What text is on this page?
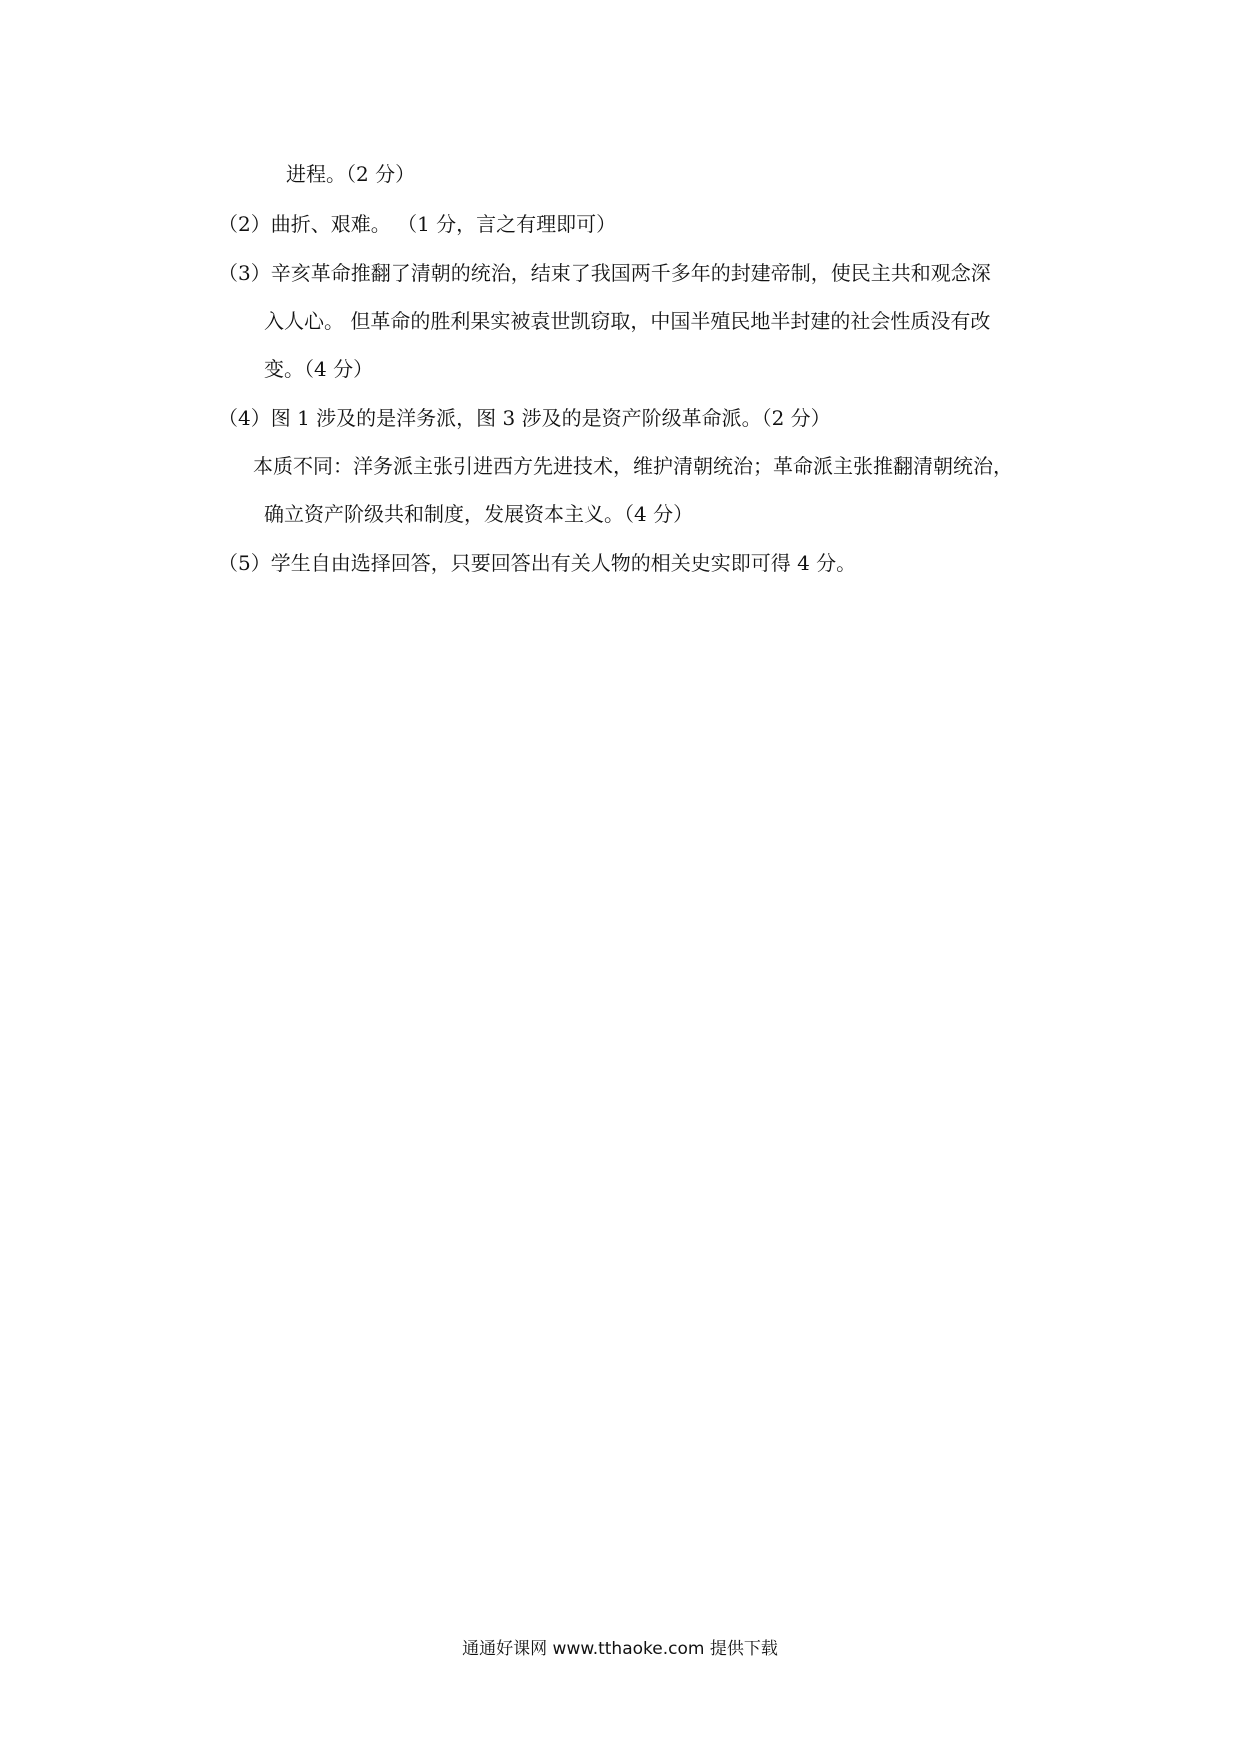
进程。（2 分）
（2）曲折、艰难。 （1 分，言之有理即可）
（3）辛亥革命推翻了清朝的统治，结束了我国两千多年的封建帝制，使民主共和观念深
入人心。 但革命的胜利果实被袁世凯窃取，中国半殖民地半封建的社会性质没有改
变。（4 分）
（4）图 1 涉及的是洋务派，图 3 涉及的是资产阶级革命派。（2 分）
本质不同：洋务派主张引进西方先进技术，维护清朝统治；革命派主张推翻清朝统治，
确立资产阶级共和制度，发展资本主义。（4 分）
（5）学生自由选择回答，只要回答出有关人物的相关史实即可得 4 分。
通通好课网 www.tthaoke.com 提供下载
